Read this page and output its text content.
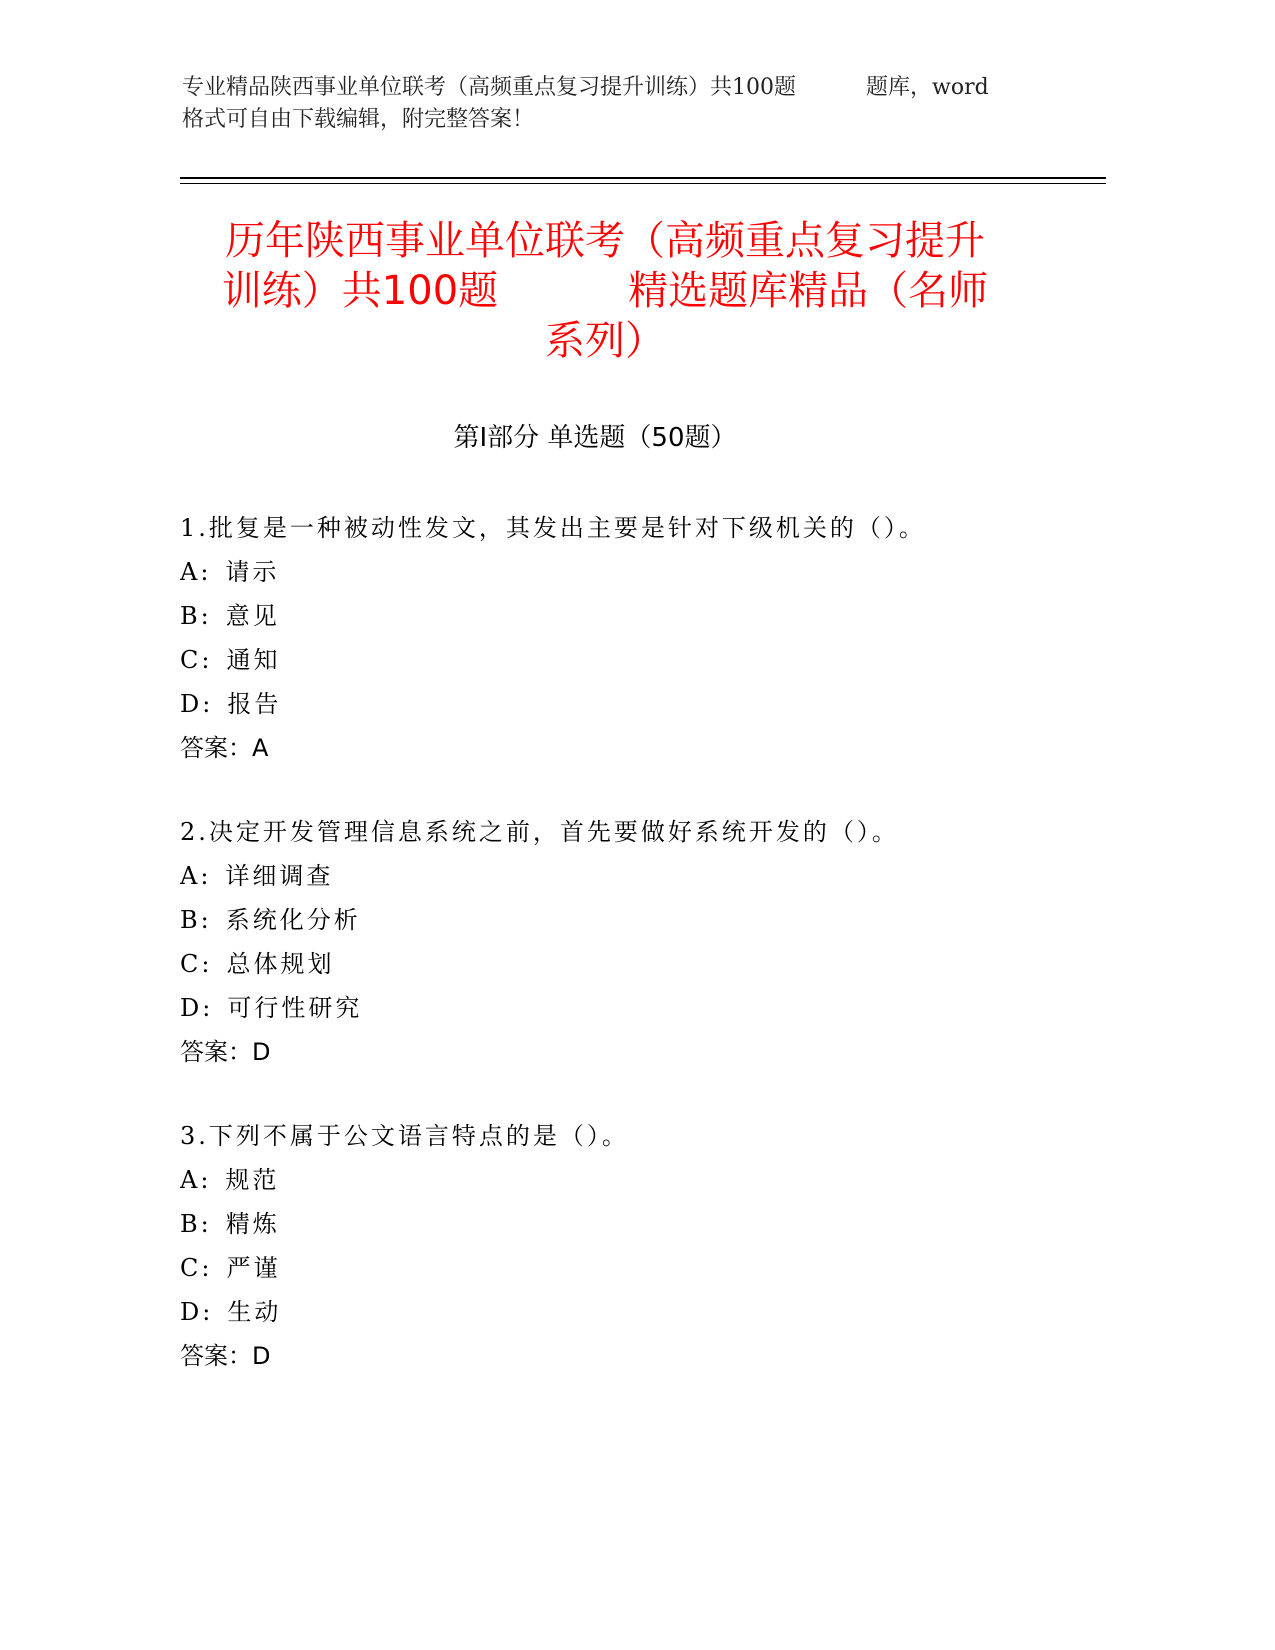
专业精品陕西事业单位联考（高频重点复习提升训练）共100题	题库，word
格式可自由下载编辑，附完整答案！
历年陕西事业单位联考（高频重点复习提升
训练）共100题	精选题库精品（名师
系列）
第Ⅰ部分 单选题（50题）
1.批复是一种被动性发文，其发出主要是针对下级机关的（）。
A: 请示
B: 意见
C: 通知
D: 报告
答案：A
2.决定开发管理信息系统之前，首先要做好系统开发的（）。
A: 详细调查
B: 系统化分析
C: 总体规划
D: 可行性研究
答案：D
3.下列不属于公文语言特点的是（）。
A: 规范
B: 精炼
C: 严谨
D: 生动
答案：D
